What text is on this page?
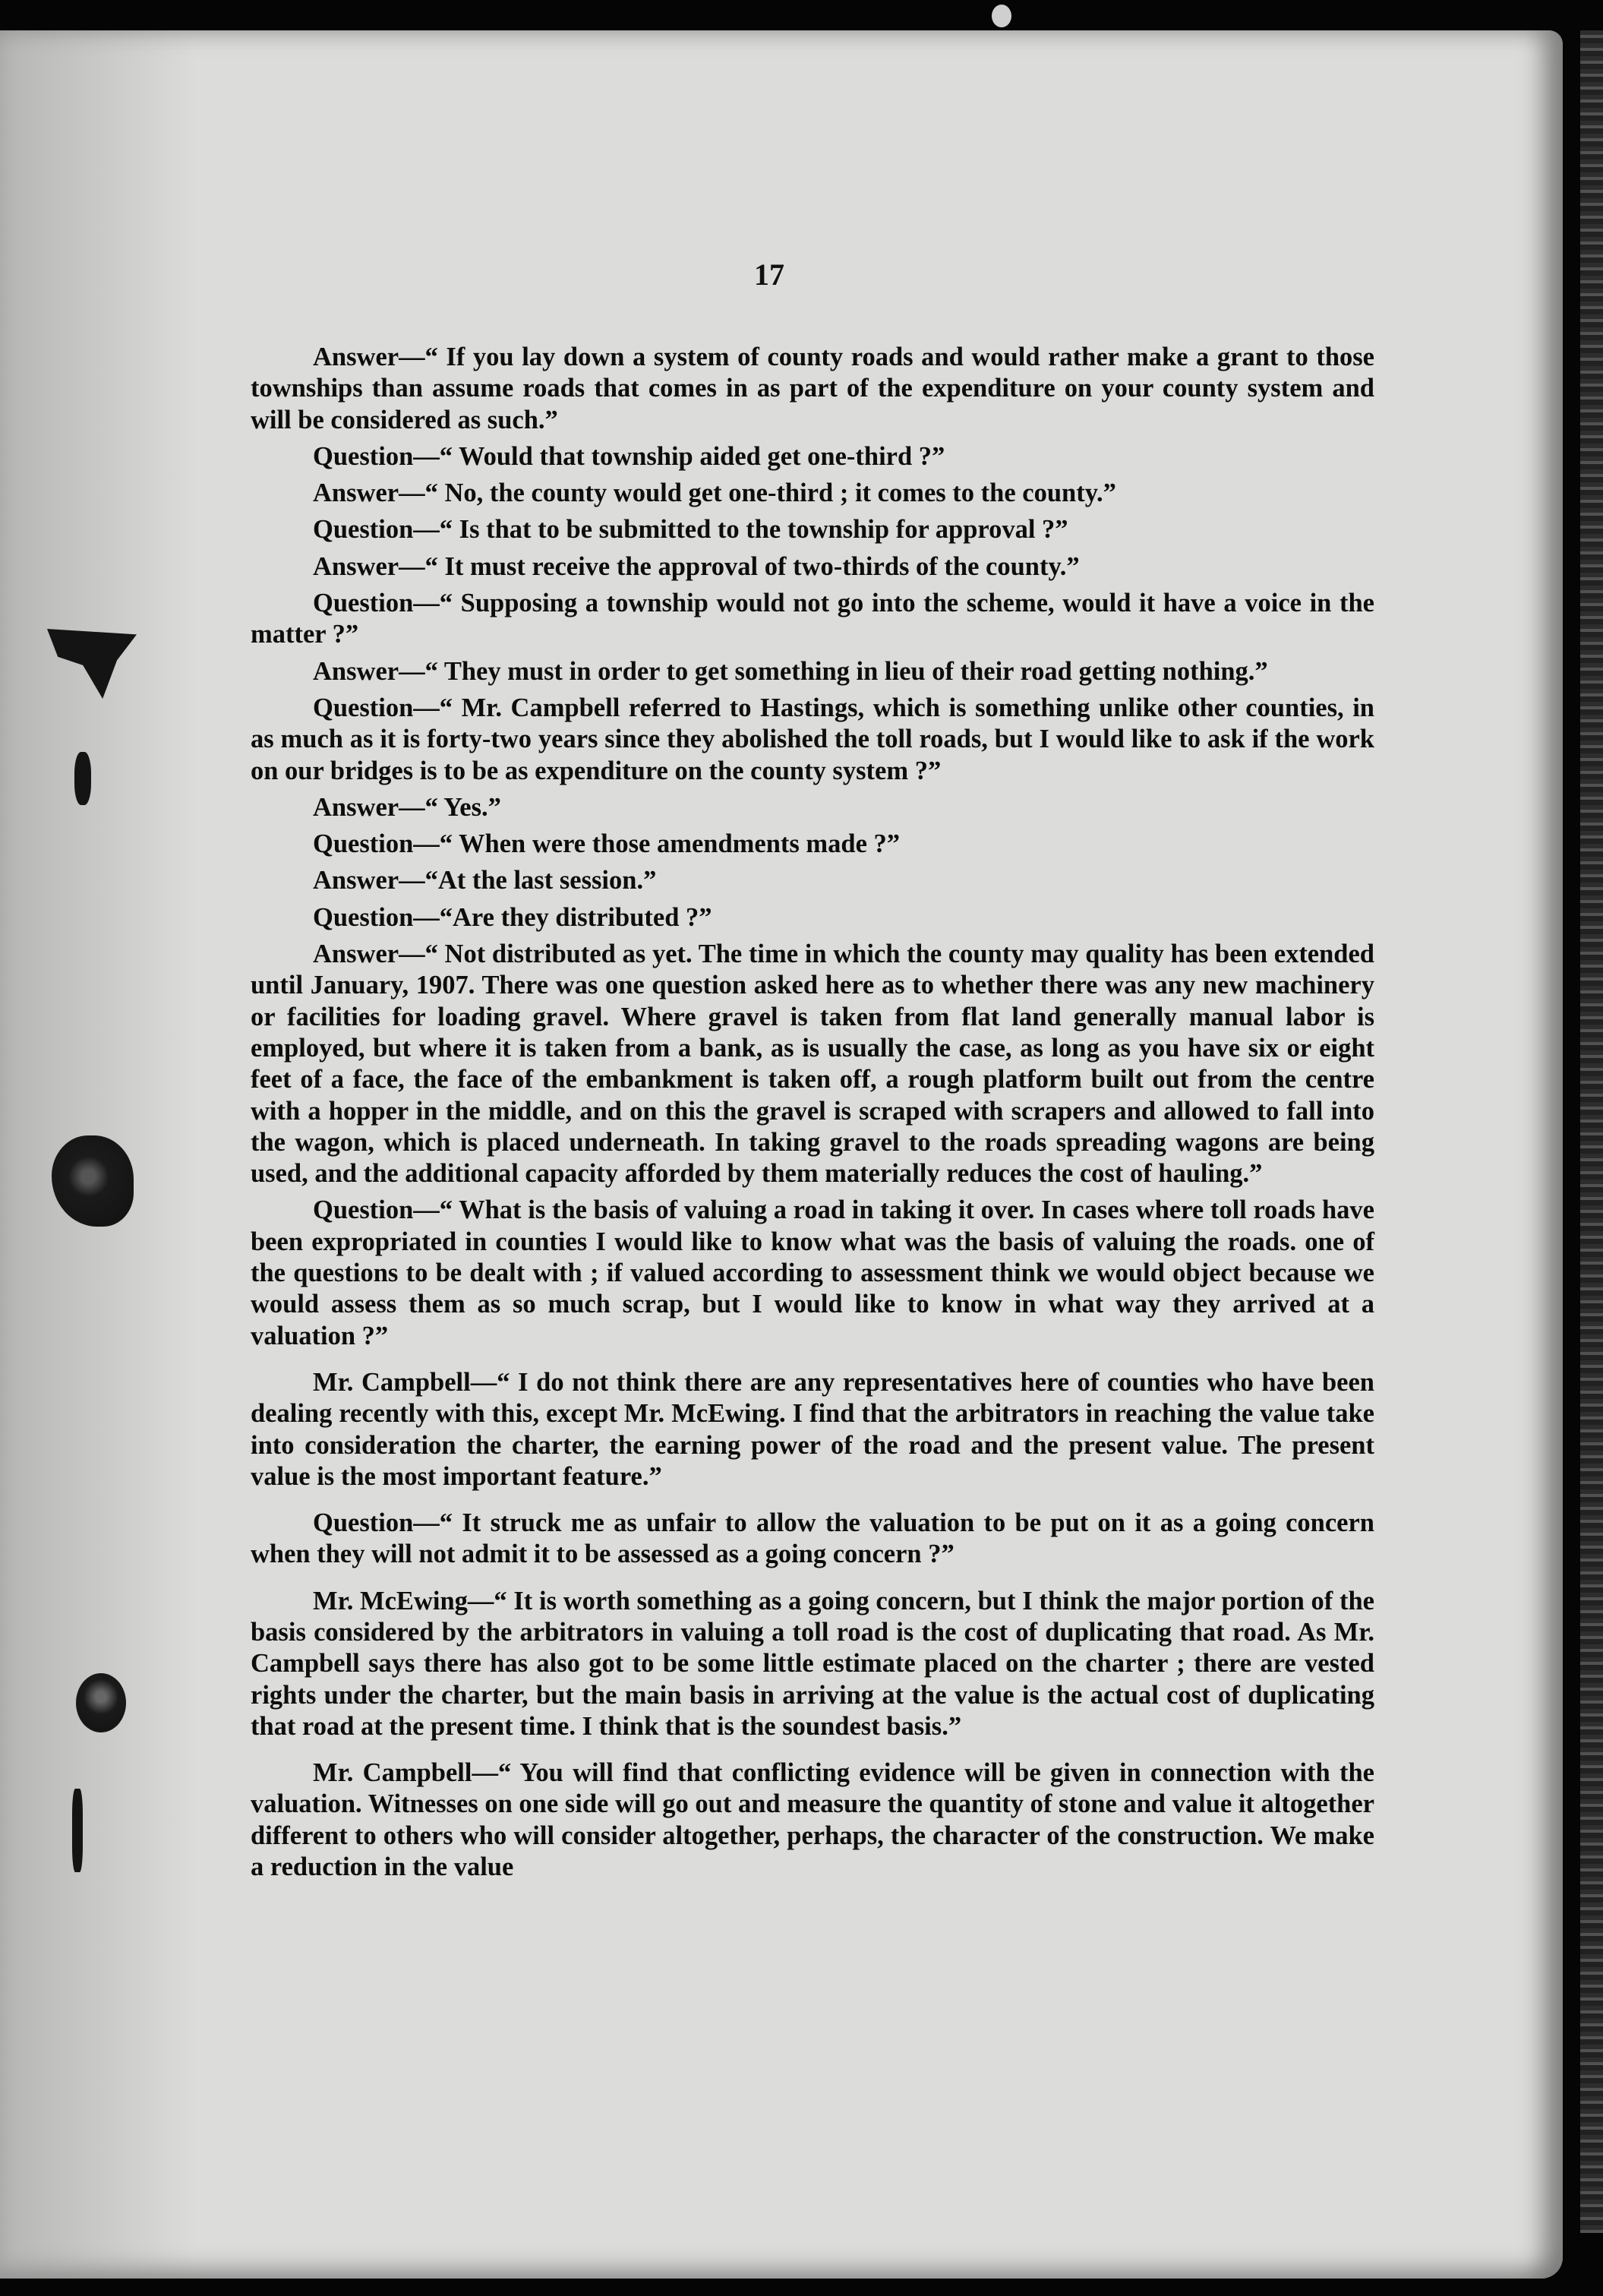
17

Answer—“ If you lay down a system of county roads and would rather make a grant to those townships than assume roads that comes in as part of the expenditure on your county system and will be considered as such.”

Question—“ Would that township aided get one-third ?”

Answer—“ No, the county would get one-third ; it comes to the county.”

Question—“ Is that to be submitted to the township for approval ?”

Answer—“ It must receive the approval of two-thirds of the county.”

Question—“ Supposing a township would not go into the scheme, would it have a voice in the matter ?”

Answer—“ They must in order to get something in lieu of their road getting nothing.”

Question—“ Mr. Campbell referred to Hastings, which is something unlike other counties, in as much as it is forty-two years since they abolished the toll roads, but I would like to ask if the work on our bridges is to be as expenditure on the county system ?”

Answer—“ Yes.”

Question—“ When were those amendments made ?”

Answer—“At the last session.”

Question—“Are they distributed ?”

Answer—“ Not distributed as yet. The time in which the county may quality has been extended until January, 1907. There was one question asked here as to whether there was any new machinery or facilities for loading gravel. Where gravel is taken from flat land generally manual labor is employed, but where it is taken from a bank, as is usually the case, as long as you have six or eight feet of a face, the face of the embankment is taken off, a rough platform built out from the centre with a hopper in the middle, and on this the gravel is scraped with scrapers and allowed to fall into the wagon, which is placed underneath. In taking gravel to the roads spreading wagons are being used, and the additional capacity afforded by them materially reduces the cost of hauling.”

Question—“ What is the basis of valuing a road in taking it over. In cases where toll roads have been expropriated in counties I would like to know what was the basis of valuing the roads. one of the questions to be dealt with ; if valued according to assessment think we would object because we would assess them as so much scrap, but I would like to know in what way they arrived at a valuation ?”

Mr. Campbell—“ I do not think there are any representatives here of counties who have been dealing recently with this, except Mr. McEwing. I find that the arbitrators in reaching the value take into consideration the charter, the earning power of the road and the present value. The present value is the most important feature.”

Question—“ It struck me as unfair to allow the valuation to be put on it as a going concern when they will not admit it to be assessed as a going concern ?”

Mr. McEwing—“ It is worth something as a going concern, but I think the major portion of the basis considered by the arbitrators in valuing a toll road is the cost of duplicating that road. As Mr. Campbell says there has also got to be some little estimate placed on the charter ; there are vested rights under the charter, but the main basis in arriving at the value is the actual cost of duplicating that road at the present time. I think that is the soundest basis.”

Mr. Campbell—“ You will find that conflicting evidence will be given in connection with the valuation. Witnesses on one side will go out and measure the quantity of stone and value it altogether different to others who will consider altogether, perhaps, the character of the construction. We make a reduction in the value
